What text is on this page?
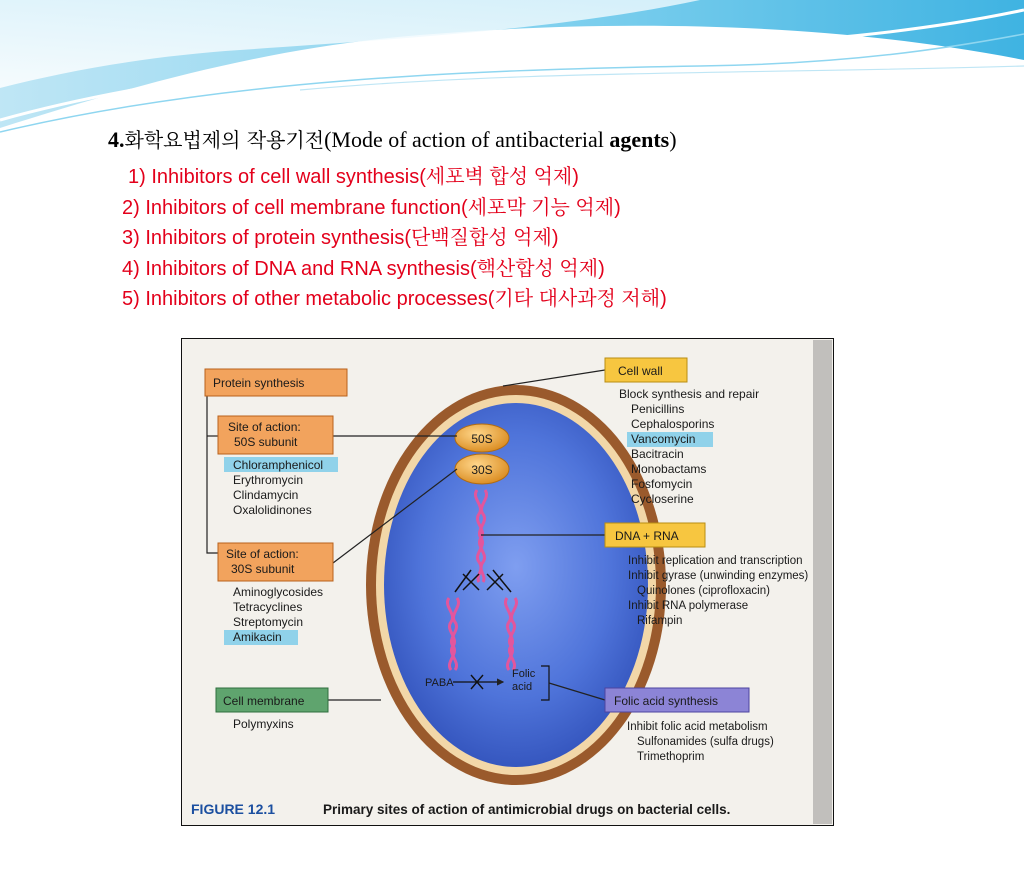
4.화학요법제의 작용기전(Mode of action of antibacterial agents)
1) Inhibitors of cell wall synthesis(세포벽 합성 억제)
2) Inhibitors of cell membrane function(세포막 기능 억제)
3) Inhibitors of protein synthesis(단백질합성 억제)
4) Inhibitors of DNA and RNA synthesis(핵산합성 억제)
5) Inhibitors of other metabolic processes(기타 대사과정 저해)
50S
30S
PABA
Folic
acid
Protein synthesis
Site of action:
50S subunit
Chloramphenicol
Erythromycin
Clindamycin
Oxalolidinones
Site of action:
30S subunit
Aminoglycosides
Tetracyclines
Streptomycin
Amikacin
Cell membrane
Polymyxins
Cell wall
Block synthesis and repair
Penicillins
Cephalosporins
Vancomycin
Bacitracin
Monobactams
Fosfomycin
Cycloserine
DNA + RNA
Inhibit replication and transcription
Inhibit gyrase (unwinding enzymes)
Quinolones (ciprofloxacin)
Inhibit RNA polymerase
Rifampin
Folic acid synthesis
Inhibit folic acid metabolism
Sulfonamides (sulfa drugs)
Trimethoprim
FIGURE 12.1	Primary sites of action of antimicrobial drugs on bacterial cells.
